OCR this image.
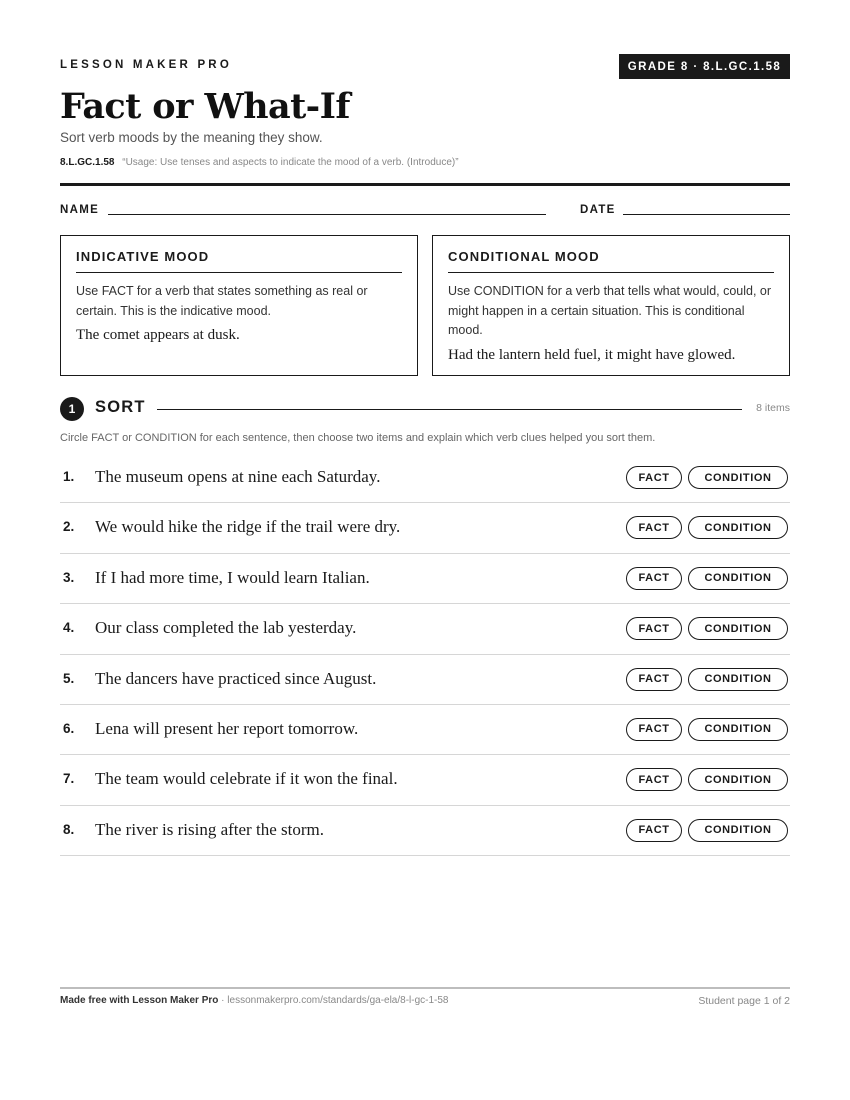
LESSON MAKER PRO	GRADE 8 · 8.L.GC.1.58
Fact or What-If
Sort verb moods by the meaning they show.
8.L.GC.1.58 “Usage: Use tenses and aspects to indicate the mood of a verb. (Introduce)”
NAME	DATE
INDICATIVE MOOD
Use FACT for a verb that states something as real or certain. This is the indicative mood.
The comet appears at dusk.
CONDITIONAL MOOD
Use CONDITION for a verb that tells what would, could, or might happen in a certain situation. This is conditional mood.
Had the lantern held fuel, it might have glowed.
1	SORT	8 items
Circle FACT or CONDITION for each sentence, then choose two items and explain which verb clues helped you sort them.
1. The museum opens at nine each Saturday.	FACT	CONDITION
2. We would hike the ridge if the trail were dry.	FACT	CONDITION
3. If I had more time, I would learn Italian.	FACT	CONDITION
4. Our class completed the lab yesterday.	FACT	CONDITION
5. The dancers have practiced since August.	FACT	CONDITION
6. Lena will present her report tomorrow.	FACT	CONDITION
7. The team would celebrate if it won the final.	FACT	CONDITION
8. The river is rising after the storm.	FACT	CONDITION
Made free with Lesson Maker Pro · lessonmakerpro.com/standards/ga-ela/8-l-gc-1-58	Student page 1 of 2
